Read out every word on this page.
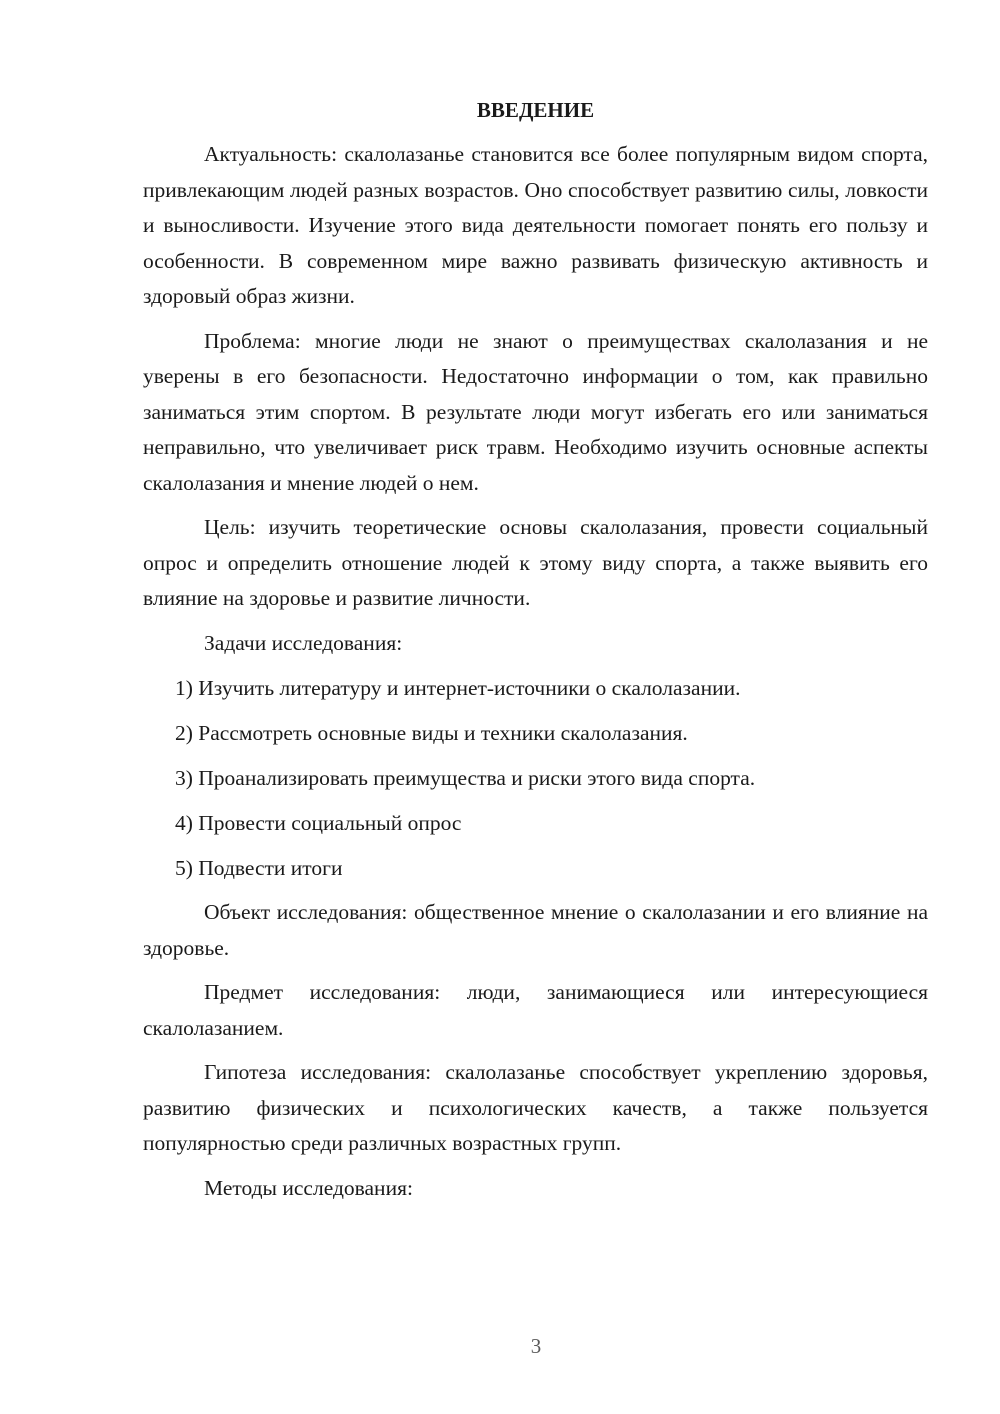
ВВЕДЕНИЕ

Актуальность: скалолазанье становится все более популярным видом спорта, привлекающим людей разных возрастов. Оно способствует развитию силы, ловкости и выносливости. Изучение этого вида деятельности помогает понять его пользу и особенности. В современном мире важно развивать физическую активность и здоровый образ жизни.

Проблема: многие люди не знают о преимуществах скалолазания и не уверены в его безопасности. Недостаточно информации о том, как правильно заниматься этим спортом. В результате люди могут избегать его или заниматься неправильно, что увеличивает риск травм. Необходимо изучить основные аспекты скалолазания и мнение людей о нем.

Цель: изучить теоретические основы скалолазания, провести социальный опрос и определить отношение людей к этому виду спорта, а также выявить его влияние на здоровье и развитие личности.

Задачи исследования:

1) Изучить литературу и интернет-источники о скалолазании.

2) Рассмотреть основные виды и техники скалолазания.

3) Проанализировать преимущества и риски этого вида спорта.

4) Провести социальный опрос

5) Подвести итоги

Объект исследования: общественное мнение о скалолазании и его влияние на здоровье.

Предмет исследования: люди, занимающиеся или интересующиеся скалолазанием.

Гипотеза исследования: скалолазанье способствует укреплению здоровья, развитию физических и психологических качеств, а также пользуется популярностью среди различных возрастных групп.

Методы исследования:

3
